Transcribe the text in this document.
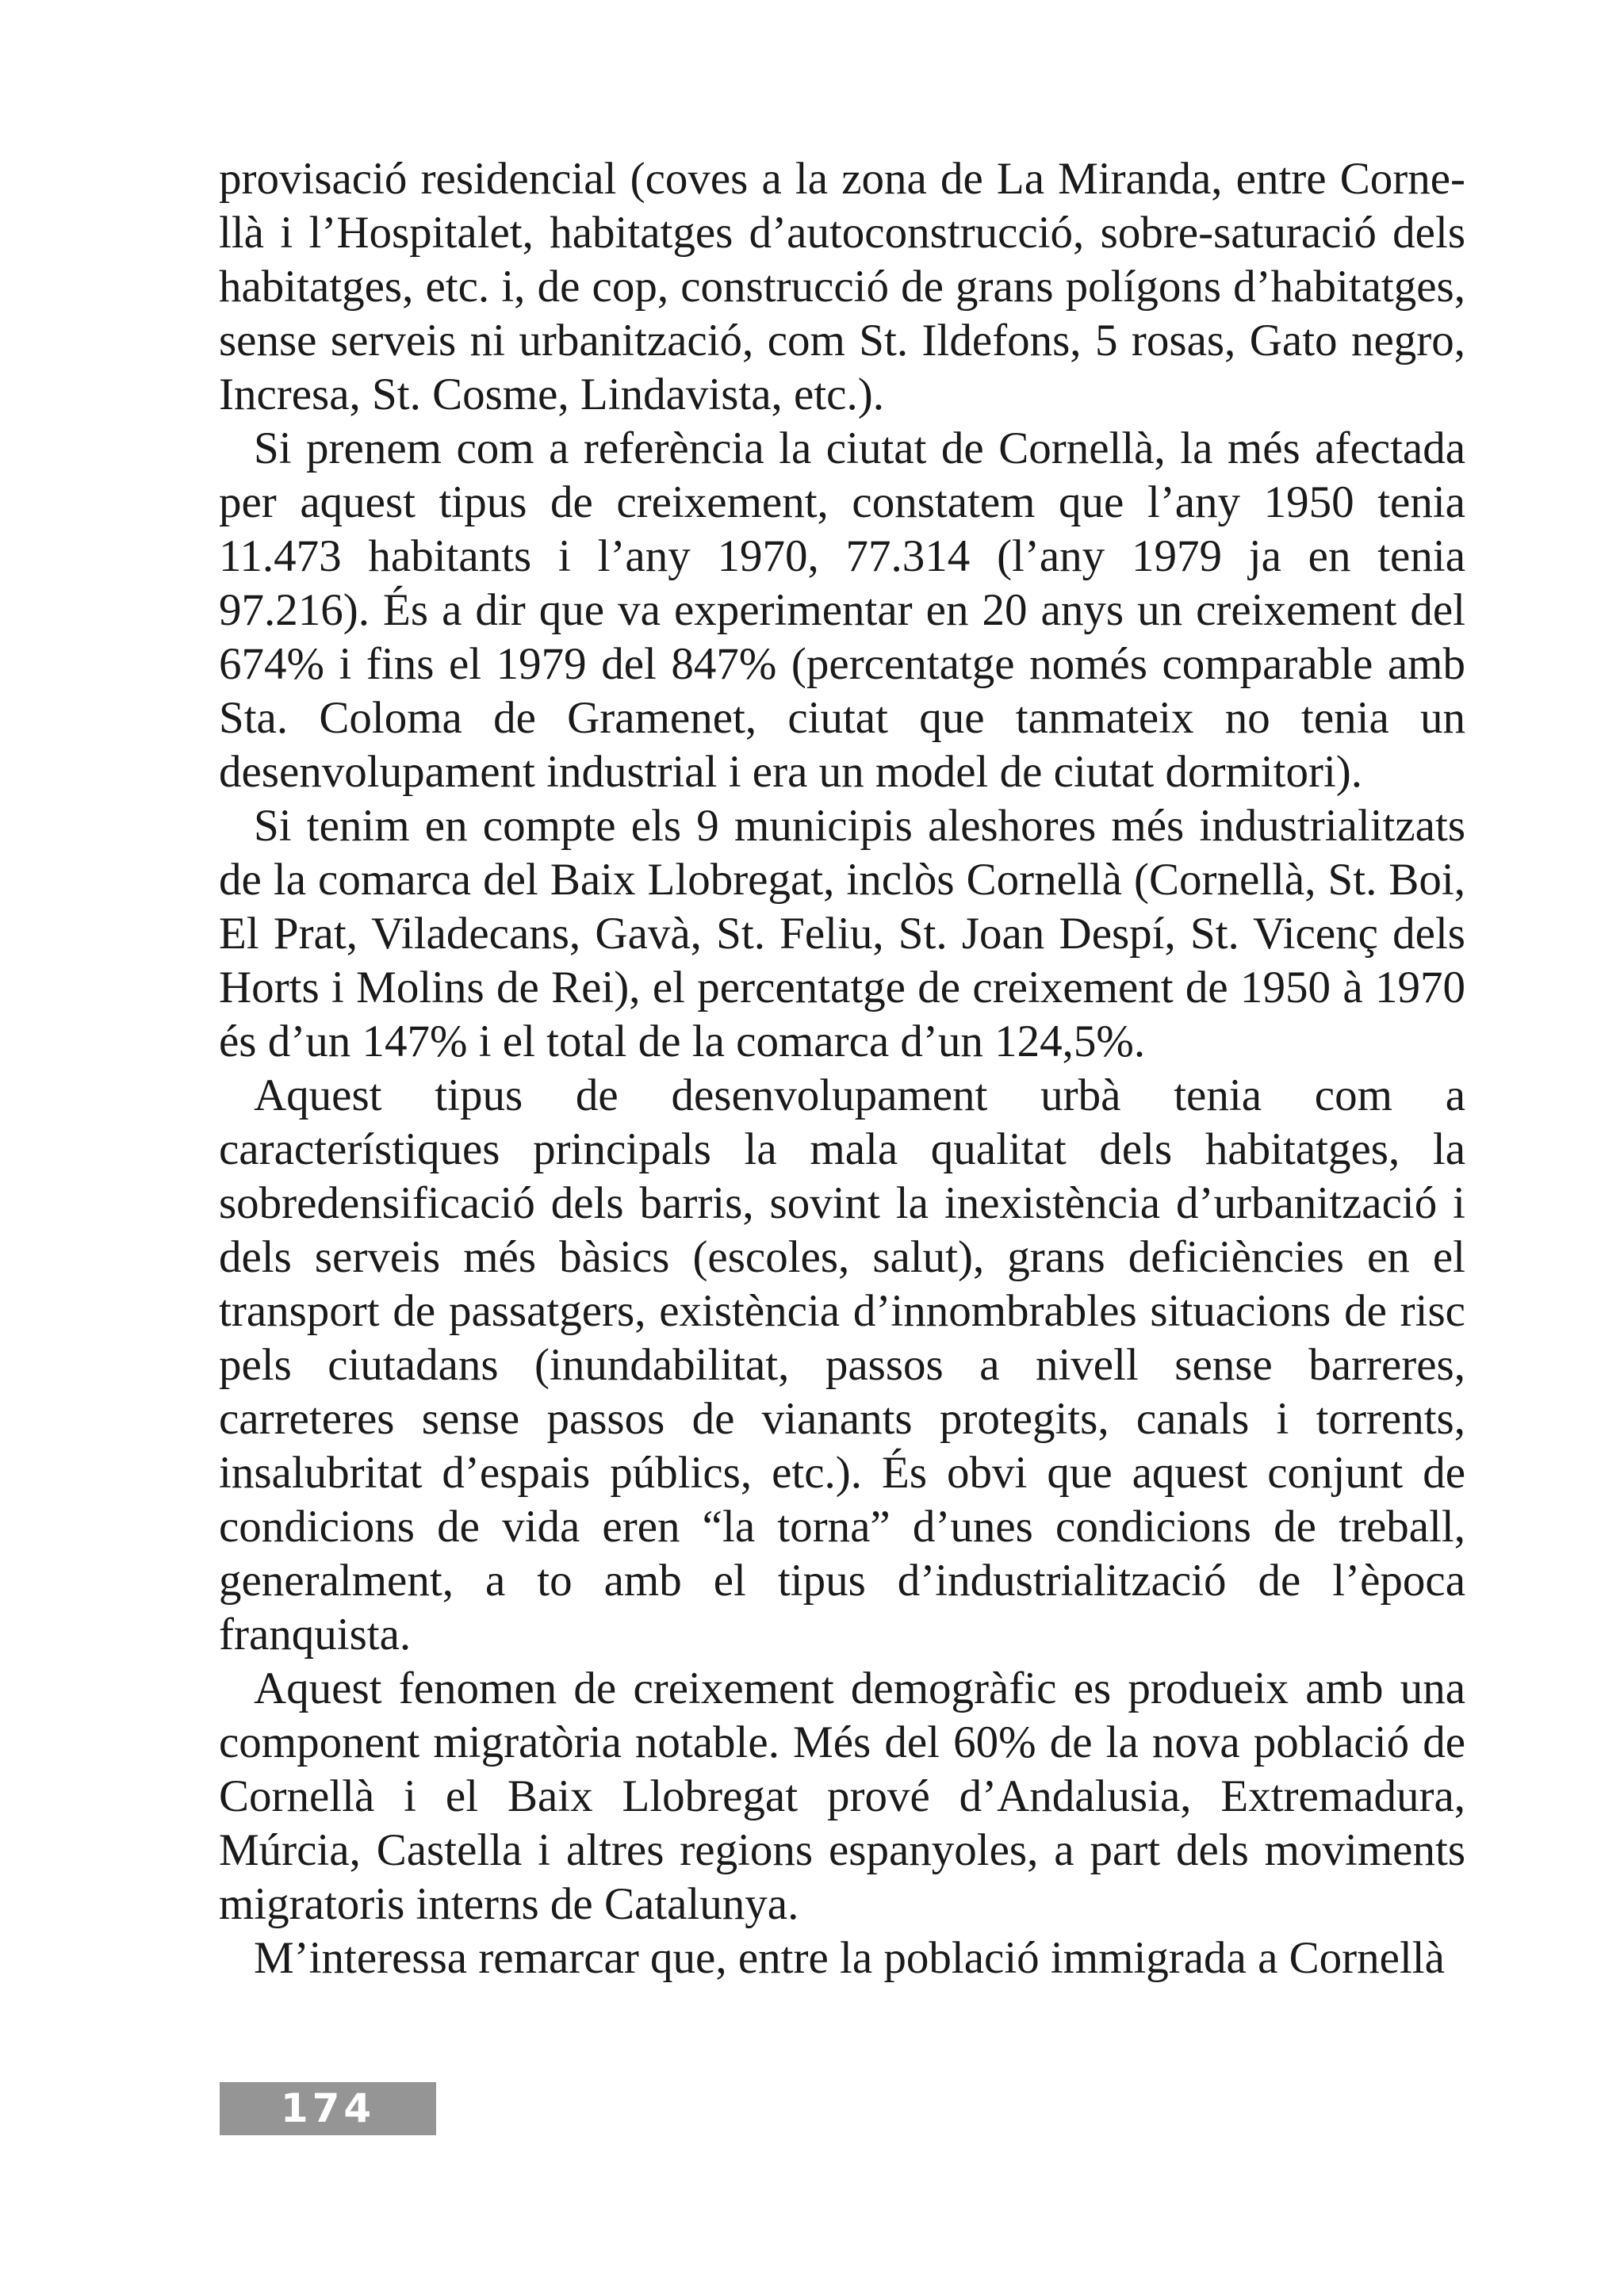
provisació residencial (coves a la zona de La Miranda, entre Cornellà i l’Hospitalet, habitatges d’autoconstrucció, sobre-saturació dels habitatges, etc. i, de cop, construcció de grans polígons d’habitatges, sense serveis ni urbanització, com St. Ildefons, 5 rosas, Gato negro, Incresa, St. Cosme, Lindavista, etc.).

Si prenem com a referència la ciutat de Cornellà, la més afectada per aquest tipus de creixement, constatem que l’any 1950 tenia 11.473 habitants i l’any 1970, 77.314 (l’any 1979 ja en tenia 97.216). És a dir que va experimentar en 20 anys un creixement del 674% i fins el 1979 del 847% (percentatge només comparable amb Sta. Coloma de Gramenet, ciutat que tanmateix no tenia un desenvolupament industrial i era un model de ciutat dormitori).

Si tenim en compte els 9 municipis aleshores més industrialitzats de la comarca del Baix Llobregat, inclòs Cornellà (Cornellà, St. Boi, El Prat, Viladecans, Gavà, St. Feliu, St. Joan Despí, St. Vicenç dels Horts i Molins de Rei), el percentatge de creixement de 1950 à 1970 és d’un 147% i el total de la comarca d’un 124,5%.

Aquest tipus de desenvolupament urbà tenia com a característiques principals la mala qualitat dels habitatges, la sobredensificació dels barris, sovint la inexistència d’urbanització i dels serveis més bàsics (escoles, salut), grans deficiències en el transport de passatgers, existència d’innombrables situacions de risc pels ciutadans (inundabilitat, passos a nivell sense barreres, carreteres sense passos de vianants protegits, canals i torrents, insalubritat d’espais públics, etc.). És obvi que aquest conjunt de condicions de vida eren “la torna” d’unes condicions de treball, generalment, a to amb el tipus d’industrialització de l’època franquista.

Aquest fenomen de creixement demogràfic es produeix amb una component migratòria notable. Més del 60% de la nova població de Cornellà i el Baix Llobregat prové d’Andalusia, Extremadura, Múrcia, Castella i altres regions espanyoles, a part dels moviments migratoris interns de Catalunya.

M’interessa remarcar que, entre la població immigrada a Cornellà

174
